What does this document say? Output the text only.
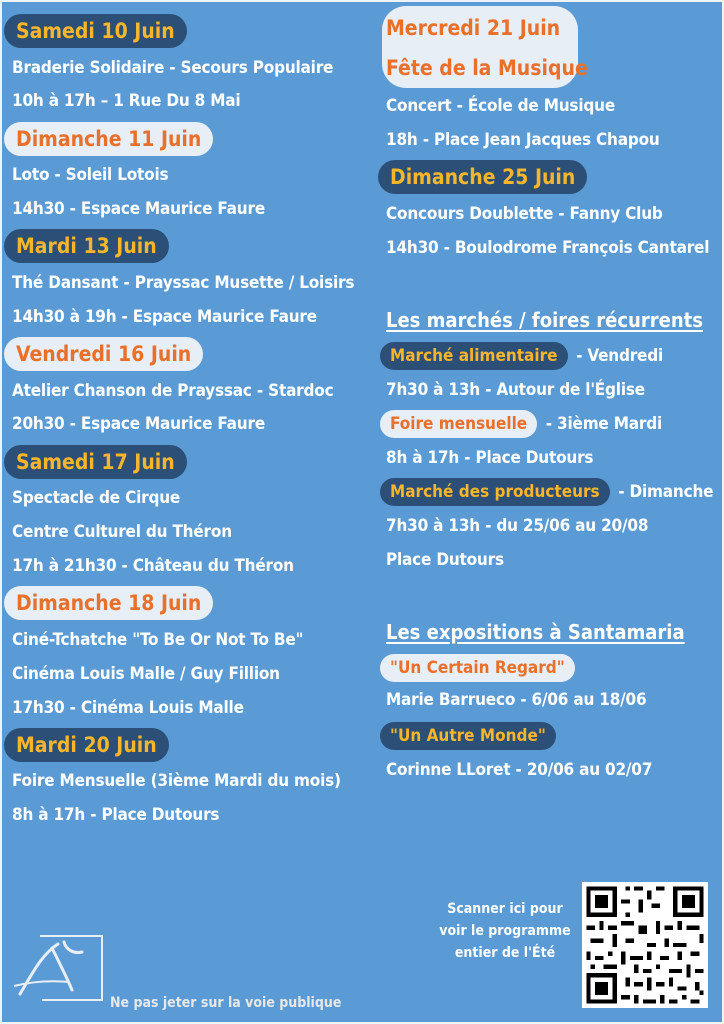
Samedi 10 Juin
Braderie Solidaire - Secours Populaire
10h à 17h – 1 Rue Du 8 Mai
Dimanche 11 Juin
Loto - Soleil Lotois
14h30 - Espace Maurice Faure
Mardi 13 Juin
Thé Dansant - Prayssac Musette / Loisirs
14h30 à 19h - Espace Maurice Faure
Vendredi 16 Juin
Atelier Chanson de Prayssac - Stardoc
20h30 - Espace Maurice Faure
Samedi 17 Juin
Spectacle de Cirque
Centre Culturel du Théron
17h à 21h30 - Château du Théron
Dimanche 18 Juin
Ciné-Tchatche "To Be Or Not To Be"
Cinéma Louis Malle / Guy Fillion
17h30 - Cinéma Louis Malle
Mardi 20 Juin
Foire Mensuelle (3ième Mardi du mois)
8h à 17h - Place Dutours
Mercredi 21 Juin
Fête de la Musique
Concert - École de Musique
18h - Place Jean Jacques Chapou
Dimanche 25 Juin
Concours Doublette - Fanny Club
14h30 - Boulodrome François Cantarel
Les marchés / foires récurrents
Marché alimentaire - Vendredi
7h30 à 13h - Autour de l'Église
Foire mensuelle - 3ième Mardi
8h à 17h - Place Dutours
Marché des producteurs - Dimanche
7h30 à 13h - du 25/06 au 20/08
Place Dutours
Les expositions à Santamaria
"Un Certain Regard"
Marie Barrueco - 6/06 au 18/06
"Un Autre Monde"
Corinne LLoret - 20/06 au 02/07
Scanner ici pour
voir le programme
entier de l'Été
Ne pas jeter sur la voie publique
